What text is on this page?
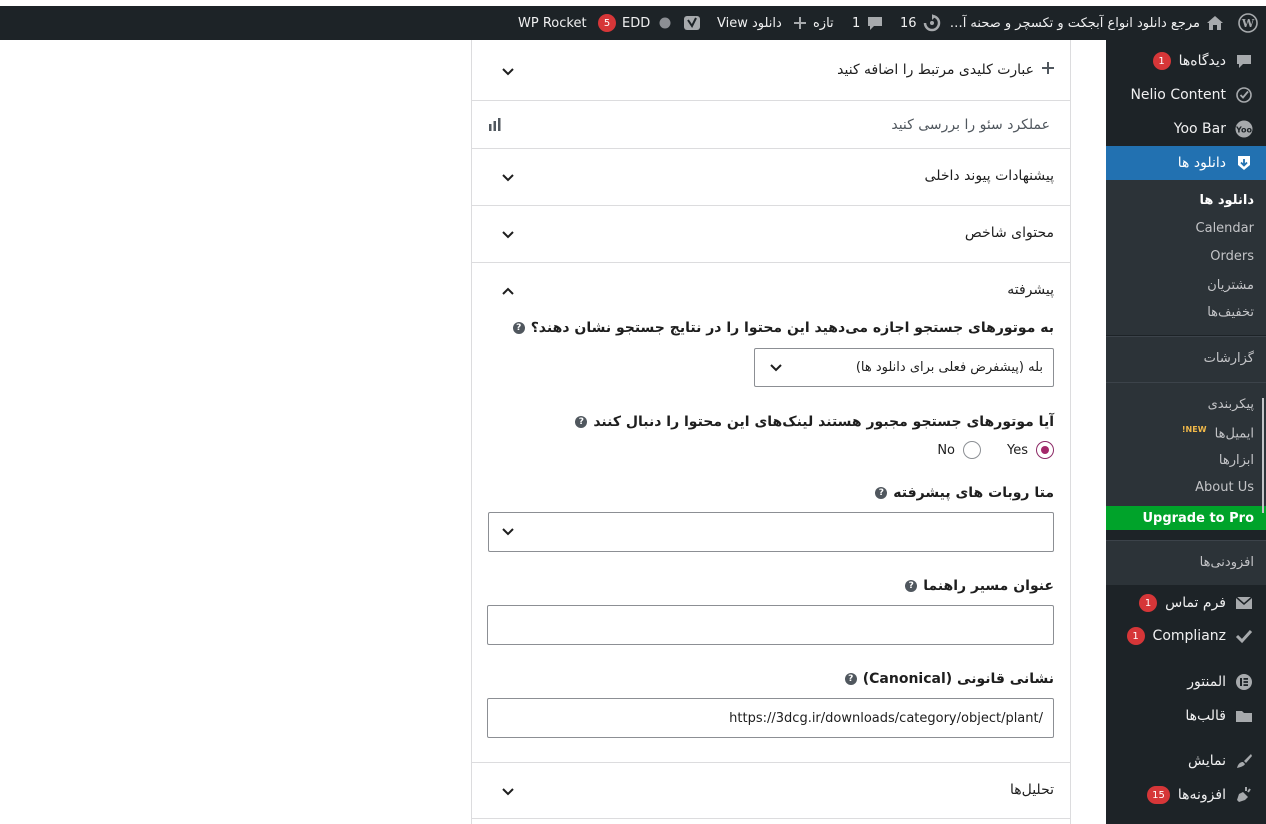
W
مرجع دانلود انواع آبجکت و تکسچر و صحنه آ…
16
1
تازه
View دانلود
5 EDD
WP Rocket
عبارت کلیدی مرتبط را اضافه کنید
عملکرد سئو را بررسی کنید
پیشنهادات پیوند داخلی
محتوای شاخص
پیشرفته
به موتورهای جستجو اجازه می‌دهید این محتوا را در نتایج جستجو نشان دهند؟
?
بله (پیشفرض فعلی برای دانلود ها)
آیا موتورهای جستجو مجبور هستند لینک‌های این محتوا را دنبال کنند
?
Yes
No
متا روبات های پیشرفته
?
عنوان مسیر راهنما
?
نشانی قانونی (Canonical)
?
https://3dcg.ir/downloads/category/object/plant/
تحلیل‌ها
دیدگاه‌ها
1
Nelio Content
Yoo
Yoo Bar
دانلود ها
دانلود ها
Calendar
Orders
مشتریان
تخفیف‌ها
گزارشات
پیکربندی
ایمیل‌ها $^{NEW!}$
ابزارها
About Us
Upgrade to Pro
افزودنی‌ها
فرم تماس
1
Complianz
1
المنتور
قالب‌ها
نمایش
افزونه‌ها
15
